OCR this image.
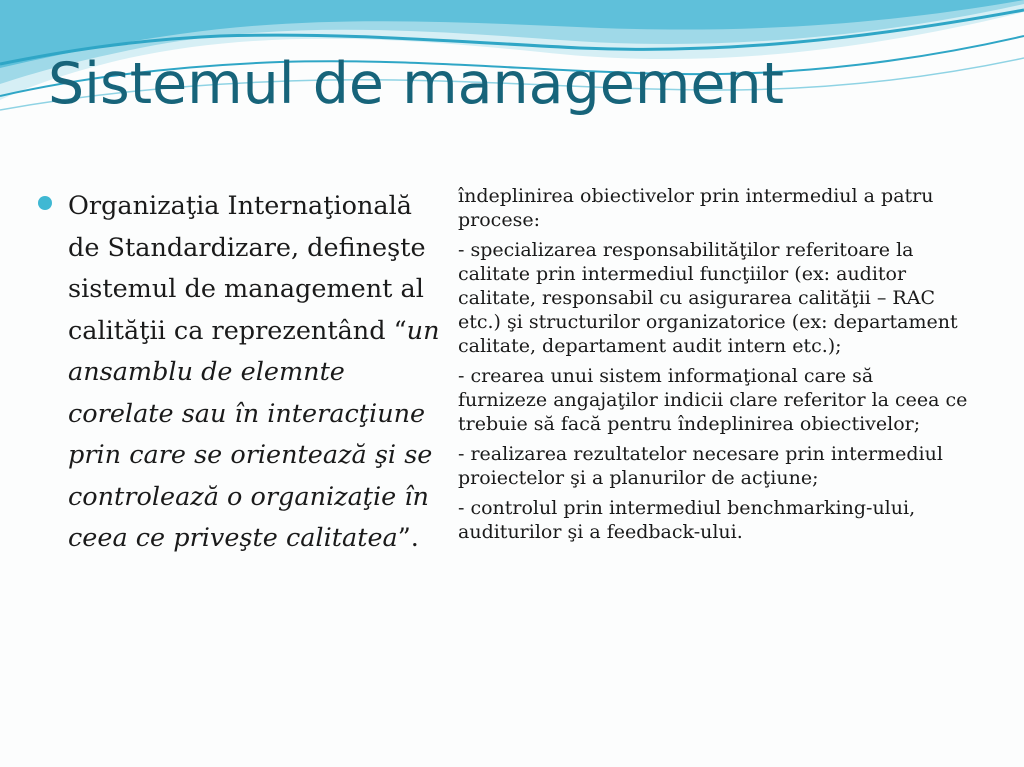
Sistemul de management
Organizaţia Internaţională de Standardizare, defineşte sistemul de management al calităţii ca reprezentând “un ansamblu de elemnte corelate sau în interacţiune prin care se orientează şi se controlează o organizaţie în ceea ce priveşte calitatea”.

îndeplinirea obiectivelor prin intermediul a patru procese:

- specializarea responsabilităţilor referitoare la calitate prin intermediul funcţiilor (ex: auditor calitate, responsabil cu asigurarea calităţii – RAC etc.) şi structurilor organizatorice (ex: departament calitate, departament audit intern etc.);

- crearea unui sistem informaţional care să furnizeze angajaţilor indicii clare referitor la ceea ce trebuie să facă pentru îndeplinirea obiectivelor;

- realizarea rezultatelor necesare prin intermediul proiectelor şi a planurilor de acţiune;

- controlul prin intermediul benchmarking-ului, auditurilor şi a feedback-ului.
